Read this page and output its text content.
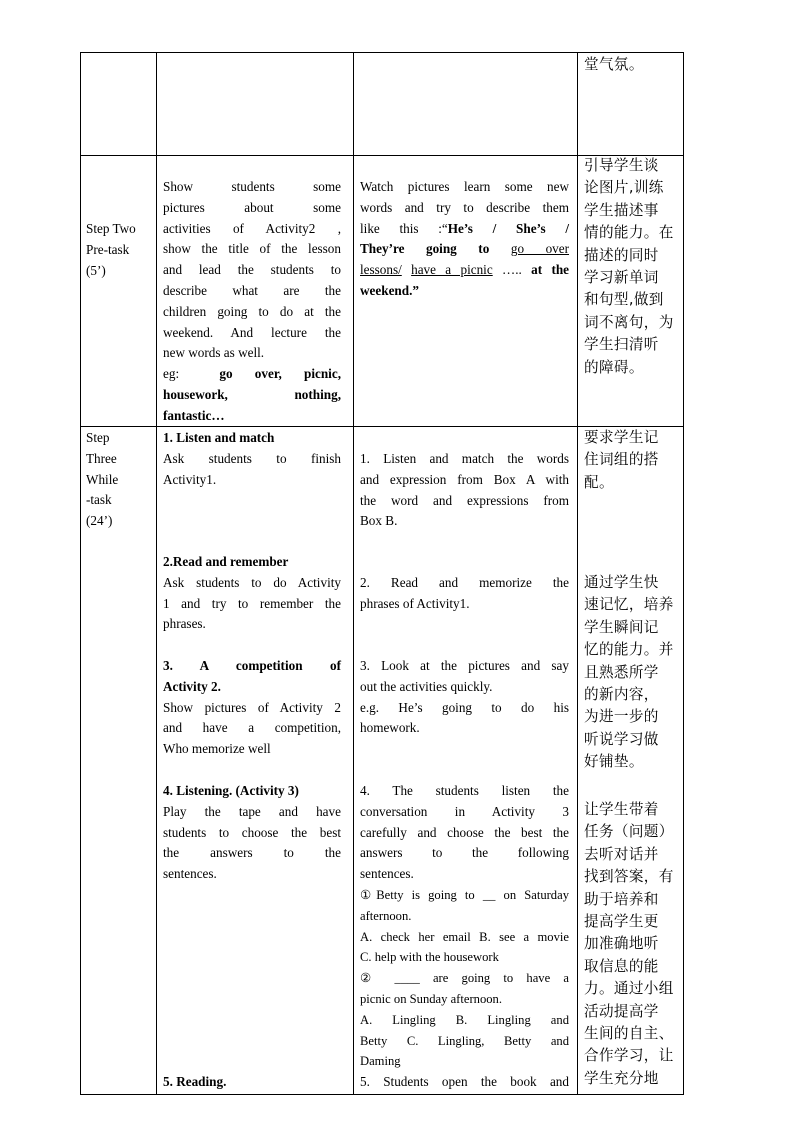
堂气氛。
Step Two
Pre-task
(5’)
Show students some
pictures about some
activities of Activity2 ,
show the title of the lesson
and lead the students to
describe what are the
children going to do at the
weekend. And lecture the
new words as well.
eg:	go over, picnic,
housework, nothing,
fantastic…
Watch pictures learn some new
words and try to describe them
like this :“He’s / She’s /
They’re going to go over
lessons/ have a picnic ….. at the
weekend.”
引导学生谈
论图片,训练
学生描述事
情的能力。在
描述的同时
学习新单词
和句型,做到
词不离句，为
学生扫清听
的障碍。
Step
Three
While
-task
(24’)
1. Listen and match
Ask students to finish
Activity1.
1. Listen and match the words
and expression from Box A with
the word and expressions from
Box B.
要求学生记
住词组的搭
配。
2.Read and remember
Ask students to do Activity
1 and try to remember the
phrases.
2. Read and memorize the
phrases of Activity1.
通过学生快
速记忆，培养
学生瞬间记
忆的能力。并
且熟悉所学
的新内容，
为进一步的
听说学习做
好铺垫。
3. A competition of
Activity 2.
Show pictures of Activity 2
and have a competition,
Who memorize well
3. Look at the pictures and say
out the activities quickly.
e.g. He’s going to do his
homework.
4. Listening. (Activity 3)
Play the tape and have
students to choose the best
the answers to the
sentences.
4. The students listen the
conversation in Activity 3
carefully and choose the best the
answers to the following
sentences.
①Betty is going to __ on Saturday
afternoon.
A. check her email B. see a movie
C. help with the housework
② ____ are going to have a
picnic on Sunday afternoon.
A. Lingling B. Lingling and
Betty C. Lingling, Betty and
Daming
让学生带着
任务（问题）
去听对话并
找到答案，有
助于培养和
提高学生更
加准确地听
取信息的能
力。通过小组
活动提高学
生间的自主、
合作学习，让
学生充分地
5. Reading.	5. Students open the book and
